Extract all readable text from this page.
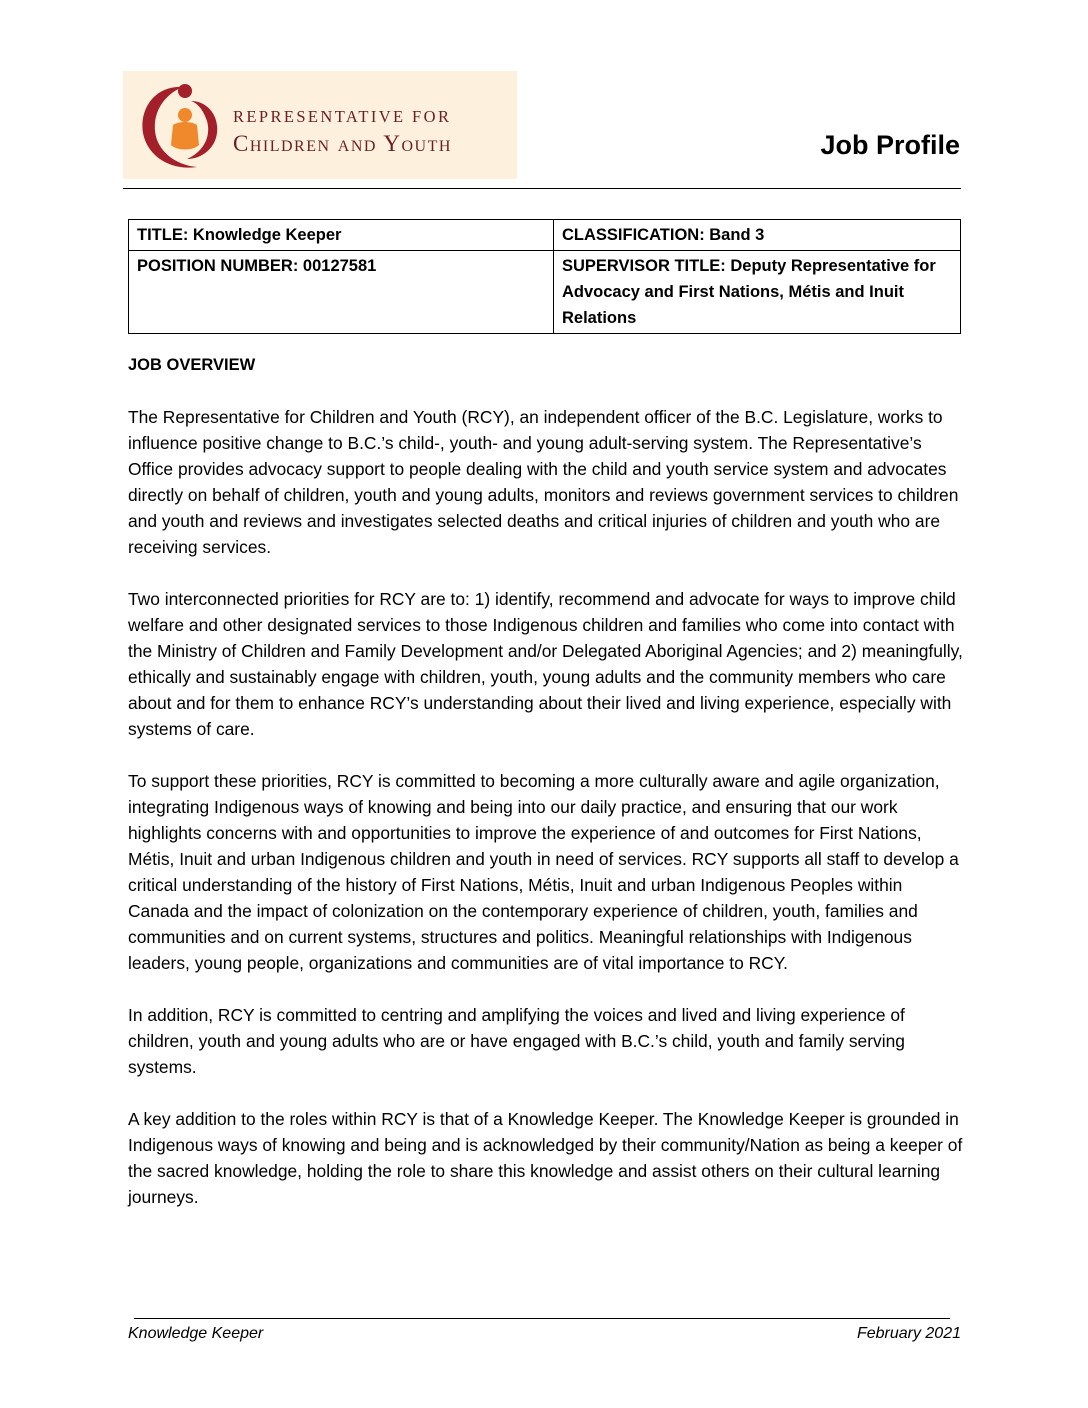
REPRESENTATIVE FOR
Children and Youth	Job Profile
TITLE: Knowledge Keeper	CLASSIFICATION: Band 3
POSITION NUMBER: 00127581	SUPERVISOR TITLE: Deputy Representative for Advocacy and First Nations, Métis and Inuit Relations
JOB OVERVIEW

The Representative for Children and Youth (RCY), an independent officer of the B.C. Legislature, works to influence positive change to B.C.’s child-, youth- and young adult-serving system. The Representative’s Office provides advocacy support to people dealing with the child and youth service system and advocates directly on behalf of children, youth and young adults, monitors and reviews government services to children and youth and reviews and investigates selected deaths and critical injuries of children and youth who are receiving services.

Two interconnected priorities for RCY are to: 1) identify, recommend and advocate for ways to improve child welfare and other designated services to those Indigenous children and families who come into contact with the Ministry of Children and Family Development and/or Delegated Aboriginal Agencies; and 2) meaningfully, ethically and sustainably engage with children, youth, young adults and the community members who care about and for them to enhance RCY’s understanding about their lived and living experience, especially with systems of care.

To support these priorities, RCY is committed to becoming a more culturally aware and agile organization, integrating Indigenous ways of knowing and being into our daily practice, and ensuring that our work highlights concerns with and opportunities to improve the experience of and outcomes for First Nations, Métis, Inuit and urban Indigenous children and youth in need of services. RCY supports all staff to develop a critical understanding of the history of First Nations, Métis, Inuit and urban Indigenous Peoples within Canada and the impact of colonization on the contemporary experience of children, youth, families and communities and on current systems, structures and politics. Meaningful relationships with Indigenous leaders, young people, organizations and communities are of vital importance to RCY.

In addition, RCY is committed to centring and amplifying the voices and lived and living experience of children, youth and young adults who are or have engaged with B.C.’s child, youth and family serving systems.

A key addition to the roles within RCY is that of a Knowledge Keeper. The Knowledge Keeper is grounded in Indigenous ways of knowing and being and is acknowledged by their community/Nation as being a keeper of the sacred knowledge, holding the role to share this knowledge and assist others on their cultural learning journeys.

Knowledge Keeper	February 2021
